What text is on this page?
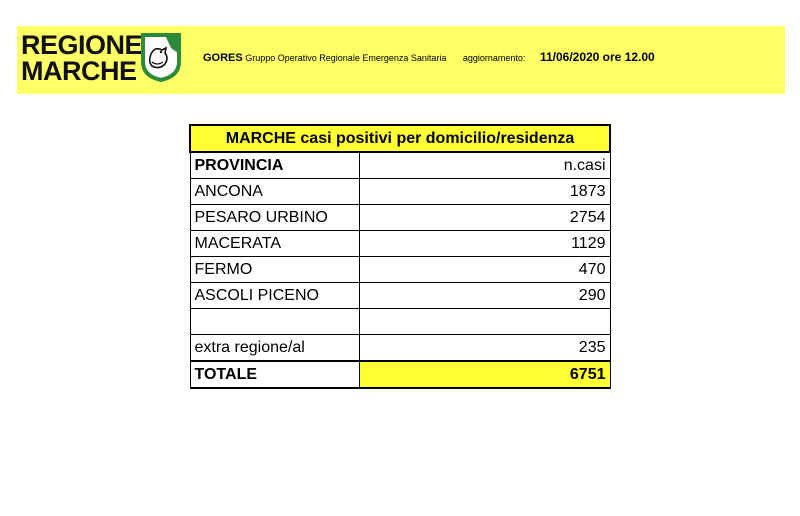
REGIONE
MARCHE	GORES Gruppo Operativo Regionale Emergenza Sanitaria aggiornamento: 11/06/2020 ore 12.00
MARCHE casi positivi per domicilio/residenza	
PROVINCIA	n.casi
ANCONA	1873
PESARO URBINO	2754
MACERATA	1129
FERMO	470
ASCOLI PICENO	290

extra regione/al	235
TOTALE	6751
